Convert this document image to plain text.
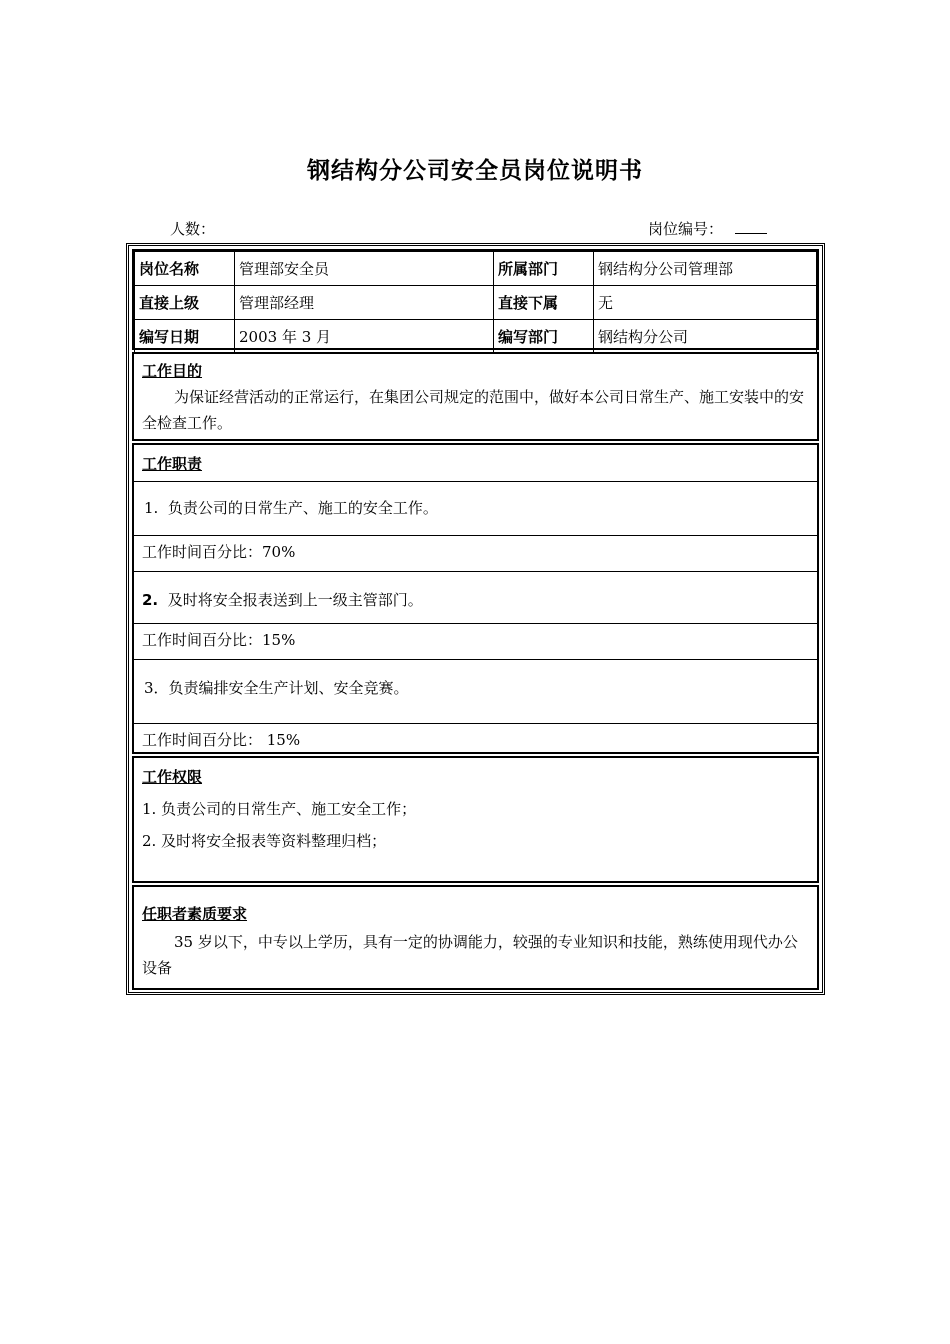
钢结构分公司安全员岗位说明书
人数：	岗位编号：
岗位名称	管理部安全员	所属部门	钢结构分公司管理部
直接上级	管理部经理	直接下属	无
编写日期	2003 年 3 月	编写部门	钢结构分公司
工作目的
为保证经营活动的正常运行，在集团公司规定的范围中，做好本公司日常生产、施工安装中的安全检查工作。
工作职责
1. 负责公司的日常生产、施工的安全工作。
工作时间百分比：70%
2. 及时将安全报表送到上一级主管部门。
工作时间百分比：15%
3．负责编排安全生产计划、安全竞赛。
工作时间百分比： 15%
工作权限
1. 负责公司的日常生产、施工安全工作；
2. 及时将安全报表等资料整理归档；
任职者素质要求
35 岁以下，中专以上学历，具有一定的协调能力，较强的专业知识和技能，熟练使用现代办公设备
